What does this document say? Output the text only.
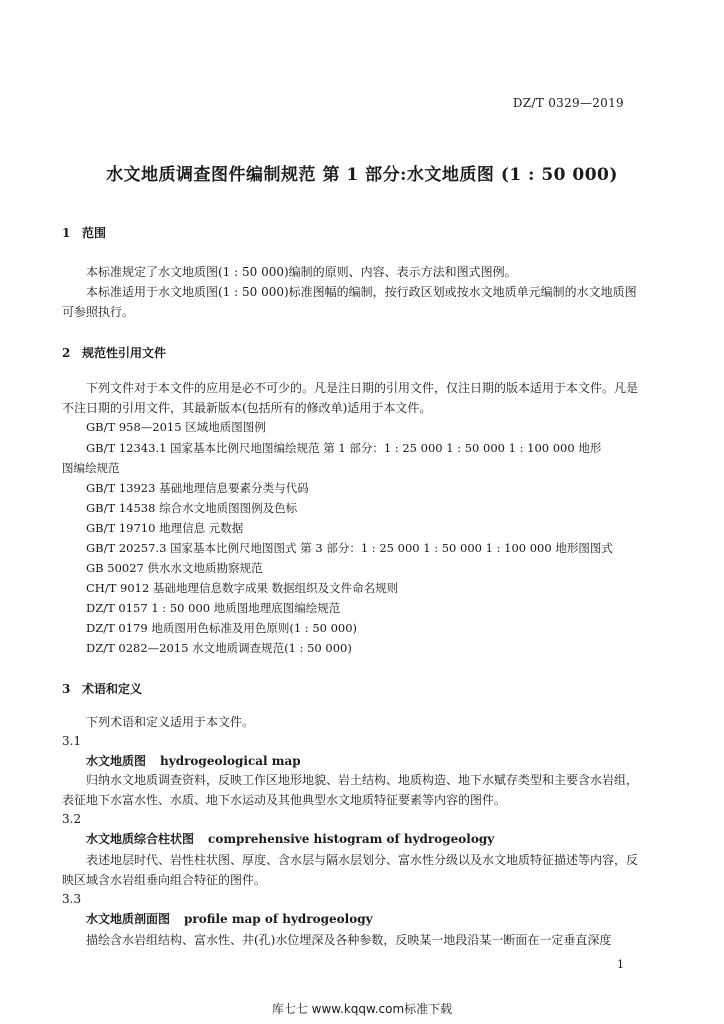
DZ/T 0329—2019
水文地质调查图件编制规范 第 1 部分:水文地质图 (1 : 50 000)
1 范围
本标准规定了水文地质图(1 : 50 000)编制的原则、内容、表示方法和图式图例。
本标准适用于水文地质图(1 : 50 000)标准图幅的编制，按行政区划或按水文地质单元编制的水文地质图可参照执行。
2 规范性引用文件
下列文件对于本文件的应用是必不可少的。凡是注日期的引用文件，仅注日期的版本适用于本文件。凡是不注日期的引用文件，其最新版本(包括所有的修改单)适用于本文件。
GB/T 958—2015 区域地质图图例
GB/T 12343.1 国家基本比例尺地图编绘规范 第 1 部分：1 : 25 000 1 : 50 000 1 : 100 000 地形
图编绘规范
GB/T 13923 基础地理信息要素分类与代码
GB/T 14538 综合水文地质图图例及色标
GB/T 19710 地理信息 元数据
GB/T 20257.3 国家基本比例尺地图图式 第 3 部分：1 : 25 000 1 : 50 000 1 : 100 000 地形图图式
GB 50027 供水水文地质勘察规范
CH/T 9012 基础地理信息数字成果 数据组织及文件命名规则
DZ/T 0157 1 : 50 000 地质图地理底图编绘规范
DZ/T 0179 地质图用色标准及用色原则(1 : 50 000)
DZ/T 0282—2015 水文地质调查规范(1 : 50 000)
3 术语和定义
下列术语和定义适用于本文件。
3.1
水文地质图 hydrogeological map
归纳水文地质调查资料，反映工作区地形地貌、岩土结构、地质构造、地下水赋存类型和主要含水岩组，表征地下水富水性、水质、地下水运动及其他典型水文地质特征要素等内容的图件。
3.2
水文地质综合柱状图 comprehensive histogram of hydrogeology
表述地层时代、岩性柱状图、厚度、含水层与隔水层划分、富水性分级以及水文地质特征描述等内容，反映区域含水岩组垂向组合特征的图件。
3.3
水文地质剖面图 profile map of hydrogeology
描绘含水岩组结构、富水性、井(孔)水位埋深及各种参数，反映某一地段沿某一断面在一定垂直深度
1
库七七 www.kqqw.com标准下载
